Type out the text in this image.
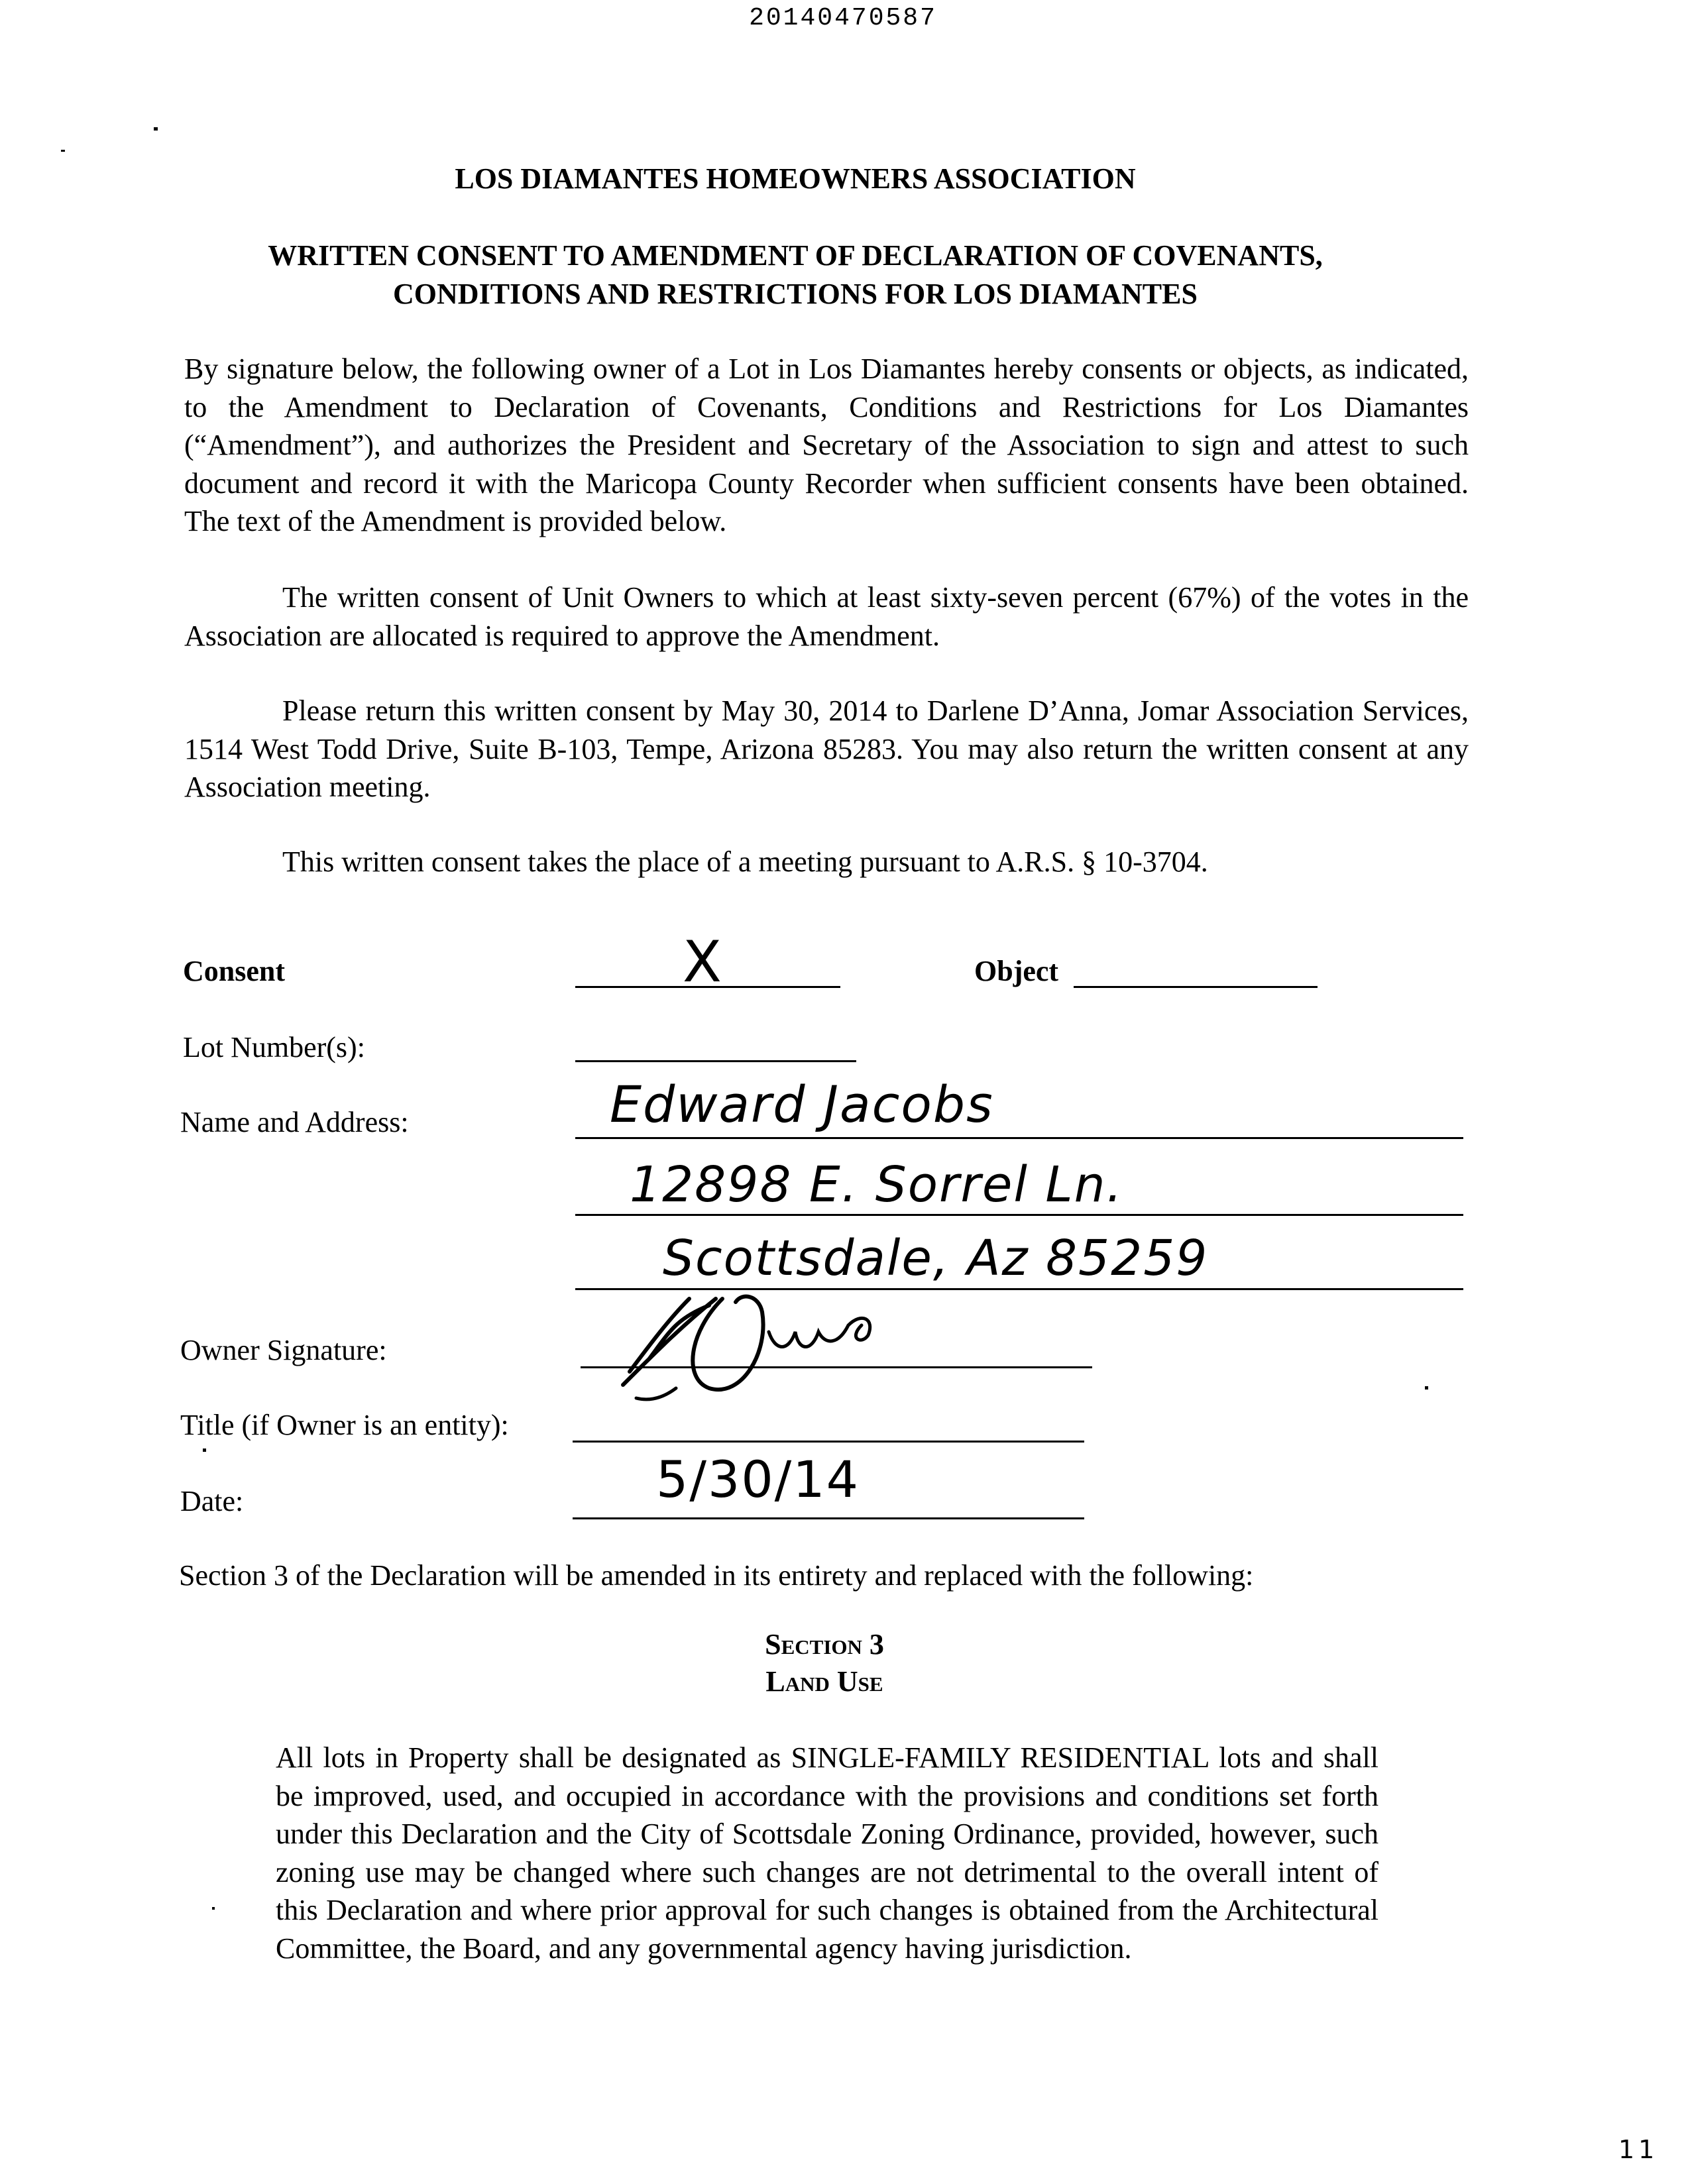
20140470587
LOS DIAMANTES HOMEOWNERS ASSOCIATION
WRITTEN CONSENT TO AMENDMENT OF DECLARATION OF COVENANTS,
CONDITIONS AND RESTRICTIONS FOR LOS DIAMANTES
By signature below, the following owner of a Lot in Los Diamantes hereby consents or objects, as indicated, to the Amendment to Declaration of Covenants, Conditions and Restrictions for Los Diamantes (“Amendment”), and authorizes the President and Secretary of the Association to sign and attest to such document and record it with the Maricopa County Recorder when sufficient consents have been obtained. The text of the Amendment is provided below.
The written consent of Unit Owners to which at least sixty-seven percent (67%) of the votes in the Association are allocated is required to approve the Amendment.
Please return this written consent by May 30, 2014 to Darlene D’Anna, Jomar Association Services, 1514 West Todd Drive, Suite B-103, Tempe, Arizona 85283. You may also return the written consent at any Association meeting.
This written consent takes the place of a meeting pursuant to A.R.S. § 10-3704.
Consent	X	Object
Lot Number(s):
Name and Address:	Edward Jacobs
12898 E. Sorrel Ln.
Scottsdale, Az 85259
Owner Signature:
Title (if Owner is an entity):
Date:	5/30/14
Section 3 of the Declaration will be amended in its entirety and replaced with the following:
Section 3
Land Use
All lots in Property shall be designated as SINGLE-FAMILY RESIDENTIAL lots and shall be improved, used, and occupied in accordance with the provisions and conditions set forth under this Declaration and the City of Scottsdale Zoning Ordinance, provided, however, such zoning use may be changed where such changes are not detrimental to the overall intent of this Declaration and where prior approval for such changes is obtained from the Architectural Committee, the Board, and any governmental agency having jurisdiction.
11
